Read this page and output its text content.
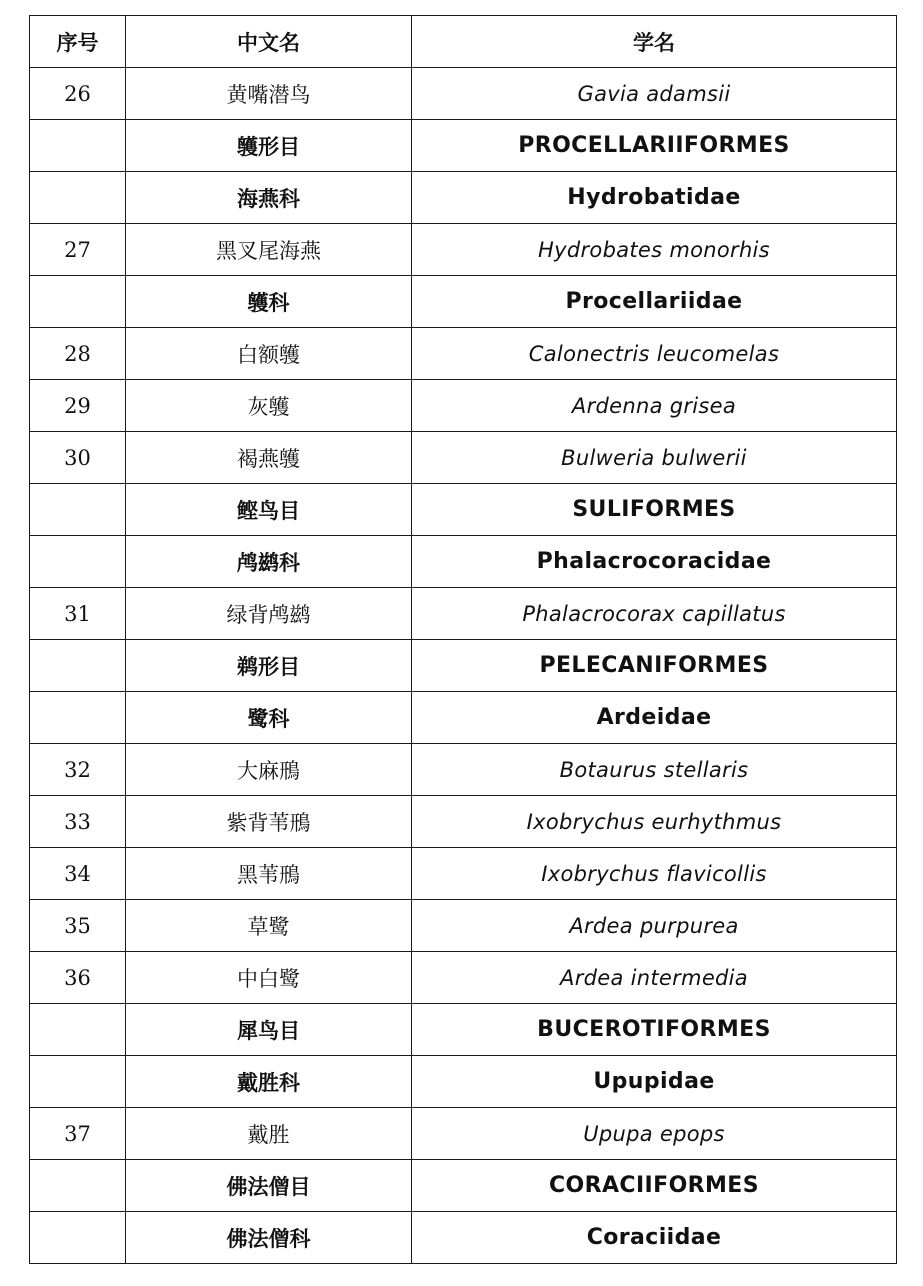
序号	中文名	学名
26	黄嘴潜鸟	Gavia adamsii
	鹱形目	PROCELLARIIFORMES
	海燕科	Hydrobatidae
27	黑叉尾海燕	Hydrobates monorhis
	鹱科	Procellariidae
28	白额鹱	Calonectris leucomelas
29	灰鹱	Ardenna grisea
30	褐燕鹱	Bulweria bulwerii
	鲣鸟目	SULIFORMES
	鸬鹚科	Phalacrocoracidae
31	绿背鸬鹚	Phalacrocorax capillatus
	鹈形目	PELECANIFORMES
	鹭科	Ardeidae
32	大麻鳽	Botaurus stellaris
33	紫背苇鳽	Ixobrychus eurhythmus
34	黑苇鳽	Ixobrychus flavicollis
35	草鹭	Ardea purpurea
36	中白鹭	Ardea intermedia
	犀鸟目	BUCEROTIFORMES
	戴胜科	Upupidae
37	戴胜	Upupa epops
	佛法僧目	CORACIIFORMES
	佛法僧科	Coraciidae
